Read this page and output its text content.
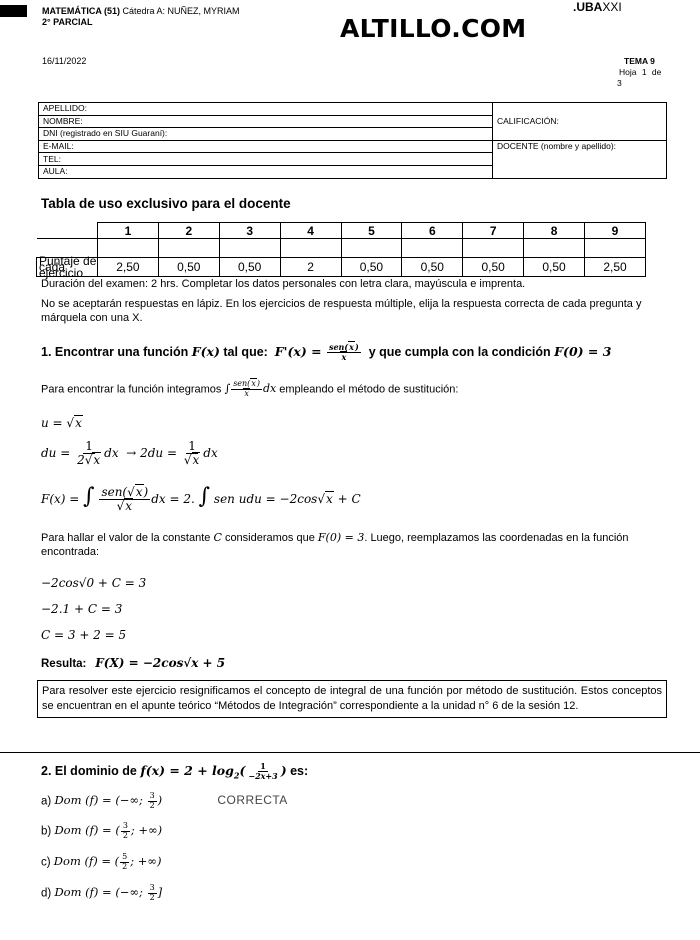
MATEMÁTICA (51) Cátedra A: NUÑEZ, MYRIAM
2° PARCIAL	ALTILLO.COM
.UBAXXI
16/11/2022	TEMA 9
Hoja 1 de
3
APELLIDO:	CALIFICACIÓN:
NOMBRE:	
DNI (registrado en SIU Guaraní):	
E-MAIL:	DOCENTE (nombre y apellido):
TEL:	
AULA:	
Tabla de uso exclusivo para el docente
	1	2	3	4	5	6	7	8	9

Puntaje de cada ejercicio	2,50	0,50	0,50	2	0,50	0,50	0,50	0,50	2,50
Duración del examen: 2 hrs. Completar los datos personales con letra clara, mayúscula e imprenta.
No se aceptarán respuestas en lápiz. En los ejercicios de respuesta múltiple, elija la respuesta correcta de cada pregunta y márquela con una X.
1. Encontrar una función F(x) tal que: $F'(x) = \frac{\text{sen(x)}}{x}$ y que cumpla con la condición F(0) = 3
Para encontrar la función integramos ∫ $\frac{\text{sen(x)}}{x}$ dx empleando el método de sustitución:
u = √x
du = $\frac{1}{2√x}$ dx  → $2du = \frac{1}{√x}$ dx
F(x) = ∫ $\frac{\text{sen(√x)}}{√x}$ dx = 2. ∫ sen udu = −2cos√x + C
Para hallar el valor de la constante C consideramos que F(0) = 3. Luego, reemplazamos las coordenadas en la función encontrada:
−2cos√0 + C = 3
−2.1 + C = 3
C = 3 + 2 = 5
Resulta: F(X) = −2cos√x + 5
Para resolver este ejercicio resignificamos el concepto de integral de una función por método de sustitución. Estos conceptos se encuentran en el apunte teórico “Métodos de Integración” correspondiente a la unidad n° 6 de la sesión 12.
2. El dominio de $f(x) = 2 + \log_2( \frac{1}{-2x+3}$ ) es:
a) Dom (f) = (−∞; $\frac{3}{2}$ )	CORRECTA
b) Dom (f) = ( $\frac{3}{2}$ ; +∞)
c) Dom (f) = ( $\frac{5}{2}$ ; +∞)
d) Dom (f) = (−∞; $\frac{3}{2}$ ]
